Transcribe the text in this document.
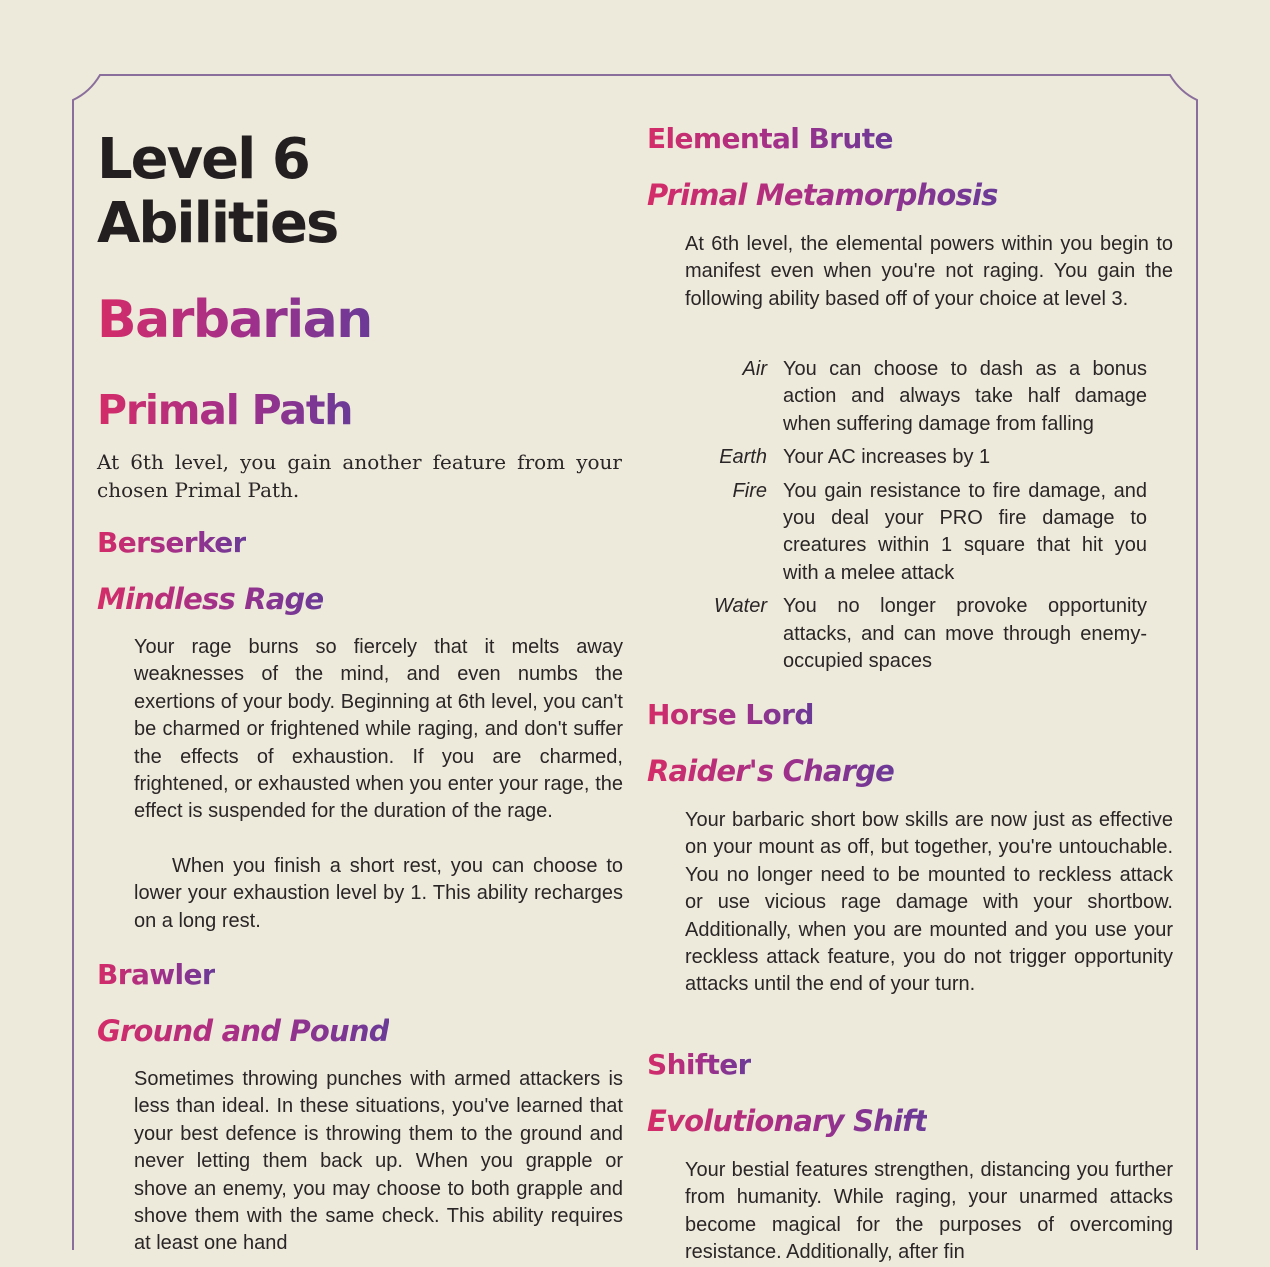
Level 6 Abilities
Barbarian
Primal Path

At 6th level, you gain another feature from your chosen Primal Path.

Berserker
Mindless Rage

Your rage burns so fiercely that it melts away weaknesses of the mind, and even numbs the exertions of your body. Beginning at 6th level, you can't be charmed or frightened while raging, and don't suffer the effects of exhaustion. If you are charmed, frightened, or exhausted when you enter your rage, the effect is suspended for the duration of the rage.

When you finish a short rest, you can choose to lower your exhaustion level by 1. This ability recharges on a long rest.

Brawler
Ground and Pound

Sometimes throwing punches with armed attackers is less than ideal. In these situations, you've learned that your best defence is throwing them to the ground and never letting them back up. When you grapple or shove an enemy, you may choose to both grapple and shove them with the same check. This ability requires at least one hand

Elemental Brute
Primal Metamorphosis

At 6th level, the elemental powers within you begin to manifest even when you're not raging. You gain the following ability based off of your choice at level 3.

Air You can choose to dash as a bonus action and always take half damage when suffering damage from falling
Earth Your AC increases by 1
Fire You gain resistance to fire damage, and you deal your PRO fire damage to creatures within 1 square that hit you with a melee attack
Water You no longer provoke opportunity attacks, and can move through enemy-occupied spaces
Horse Lord
Raider's Charge

Your barbaric short bow skills are now just as effective on your mount as off, but together, you're untouchable. You no longer need to be mounted to reckless attack or use vicious rage damage with your shortbow. Additionally, when you are mounted and you use your reckless attack feature, you do not trigger opportunity attacks until the end of your turn.

Shifter
Evolutionary Shift

Your bestial features strengthen, distancing you further from humanity. While raging, your unarmed attacks become magical for the purposes of overcoming resistance. Additionally, after fin
